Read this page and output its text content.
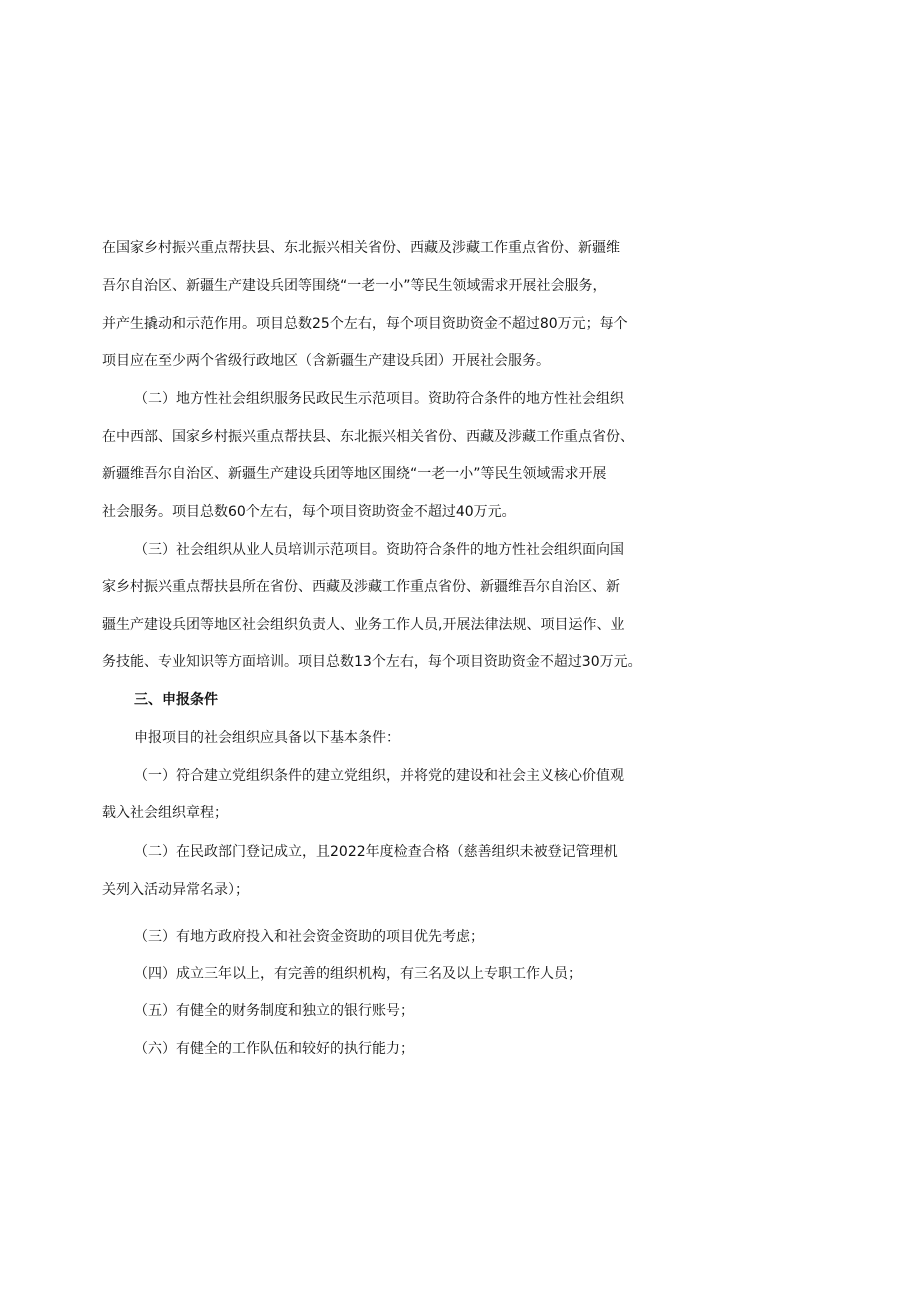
在国家乡村振兴重点帮扶县、东北振兴相关省份、西藏及涉藏工作重点省份、新疆维
吾尔自治区、新疆生产建设兵团等围绕“一老一小”等民生领域需求开展社会服务，
并产生撬动和示范作用。项目总数25个左右，每个项目资助资金不超过80万元；每个
项目应在至少两个省级行政地区（含新疆生产建设兵团）开展社会服务。
（二）地方性社会组织服务民政民生示范项目。资助符合条件的地方性社会组织
在中西部、国家乡村振兴重点帮扶县、东北振兴相关省份、西藏及涉藏工作重点省份、
新疆维吾尔自治区、新疆生产建设兵团等地区围绕“一老一小”等民生领域需求开展
社会服务。项目总数60个左右，每个项目资助资金不超过40万元。
（三）社会组织从业人员培训示范项目。资助符合条件的地方性社会组织面向国
家乡村振兴重点帮扶县所在省份、西藏及涉藏工作重点省份、新疆维吾尔自治区、新
疆生产建设兵团等地区社会组织负责人、业务工作人员,开展法律法规、项目运作、业
务技能、专业知识等方面培训。项目总数13个左右，每个项目资助资金不超过30万元。
三、申报条件
申报项目的社会组织应具备以下基本条件：
（一）符合建立党组织条件的建立党组织，并将党的建设和社会主义核心价值观
载入社会组织章程；
（二）在民政部门登记成立，且2022年度检查合格（慈善组织未被登记管理机
关列入活动异常名录）；
（三）有地方政府投入和社会资金资助的项目优先考虑；
（四）成立三年以上，有完善的组织机构，有三名及以上专职工作人员；
（五）有健全的财务制度和独立的银行账号；
（六）有健全的工作队伍和较好的执行能力；
